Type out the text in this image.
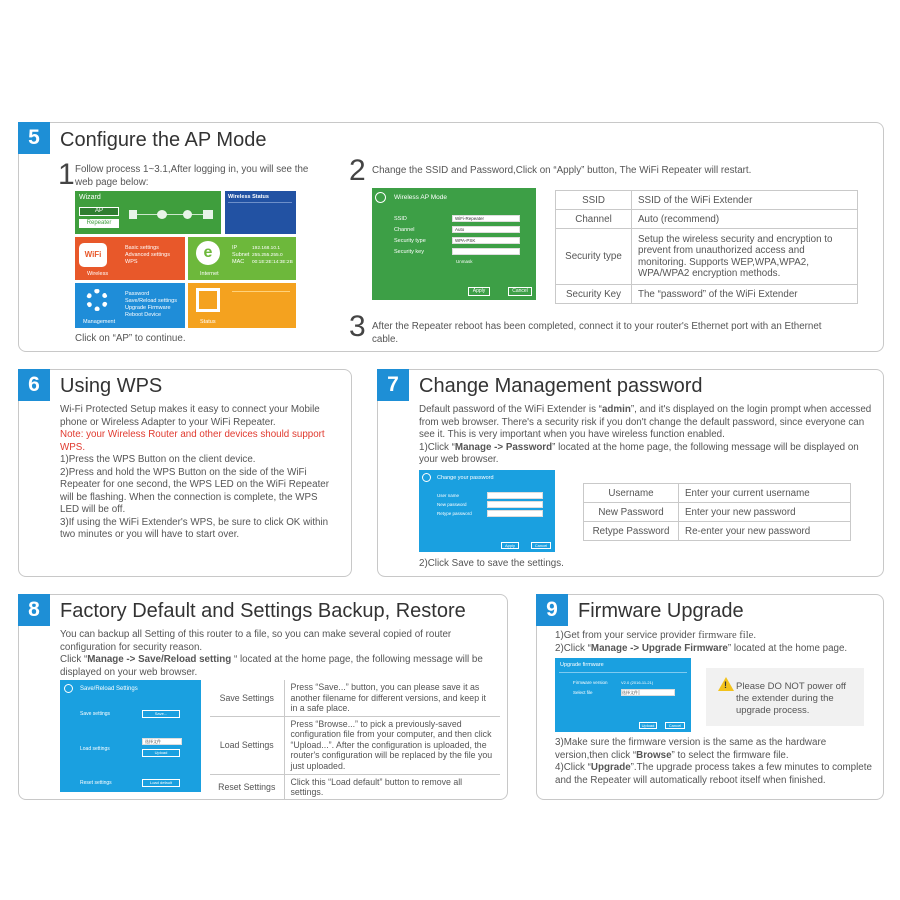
5	Configure the AP Mode
1 Follow process 1~3.1,After logging in, you will see the web page below:
Wizard
AP
Repeater
Wireless Status
WiFi
Basic settings
Advanced settings
WPS
Wireless
e	IP
Subnet
MAC
192.168.10.1
255.255.255.0
00:1E:2E:14:3E:2B
Internet
Password
Save/Reload settings
Upgrade Firmware
Reboot Device
Management	Status
Click on “AP” to continue.
2 Change the SSID and Password,Click on “Apply” button, The WiFi Repeater will restart.
Wireless AP Mode
SSID	WiFi-Repeater
Channel	Auto
Security type	WPA-PSK
Security key
Unmask
Apply	Cancel
SSID	SSID of the WiFi Extender
Channel	Auto (recommend)
Security type	Setup the wireless security and encryption to prevent from unauthorized access and monitoring. Supports WEP,WPA,WPA2, WPA/WPA2 encryption methods.
Security Key	The “password” of the WiFi Extender
3 After the Repeater reboot has been completed, connect it to your router's Ethernet port with an Ethernet cable.
6	Using WPS
Wi-Fi Protected Setup makes it easy to connect your Mobile phone or Wireless Adapter to your WiFi Repeater.
Note: your Wireless Router and other devices should support WPS.
1)Press the WPS Button on the client device.
2)Press and hold the WPS Button on the side of the WiFi Repeater for one second, the WPS LED on the WiFi Repeater will be flashing. When the connection is complete, the WPS LED will be off.
3)If using the WiFi Extender's WPS, be sure to click OK within two minutes or you will have to start over.
7	Change Management password
Default password of the WiFi Extender is “admin”, and it's displayed on the login prompt when accessed from web browser. There's a security risk if you don't change the default password, since everyone can see it. This is very important when you have wireless function enabled.
1)Click “Manage -> Password” located at the home page, the following message will be displayed on your web browser.
Change your password
User name
New password
Retype password
Apply	Cancel
Username	Enter your current username
New Password	Enter your new password
Retype Password	Re-enter your new password
2)Click Save to save the settings.
8	Factory Default and Settings Backup, Restore
You can backup all Setting of this router to a file, so you can make several copied of router configuration for security reason.
Click “Manage -> Save/Reload setting “ located at the home page, the following message will be displayed on your web browser.
Save/Reload Settings
Save settings	Save...
Load settings
选择文件
Upload
Reset settings	Load default
Save Settings	Press “Save...” button, you can please save it as another filename for different versions, and keep it in a safe place.
Load Settings	Press “Browse...” to pick a previously-saved configuration file from your computer, and then click “Upload...”. After the configuration is uploaded, the router's configuration will be replaced by the file you just uploaded.
Reset Settings	Click this “Load default” button to remove all settings.
9	Firmware Upgrade
1)Get from your service provider firmware file.
2)Click “Manage -> Upgrade Firmware” located at the home page.
Upgrade firmware
Firmware version	V2.0 (2016-11-21)
Select file	选择文件
Upload	Cancel
! Please DO NOT power off the extender during the upgrade process.
3)Make sure the firmware version is the same as the hardware version,then click “Browse” to select the firmware file.
4)Click “Upgrade”.The upgrade process takes a few minutes to complete and the Repeater will automatically reboot itself when finished.
